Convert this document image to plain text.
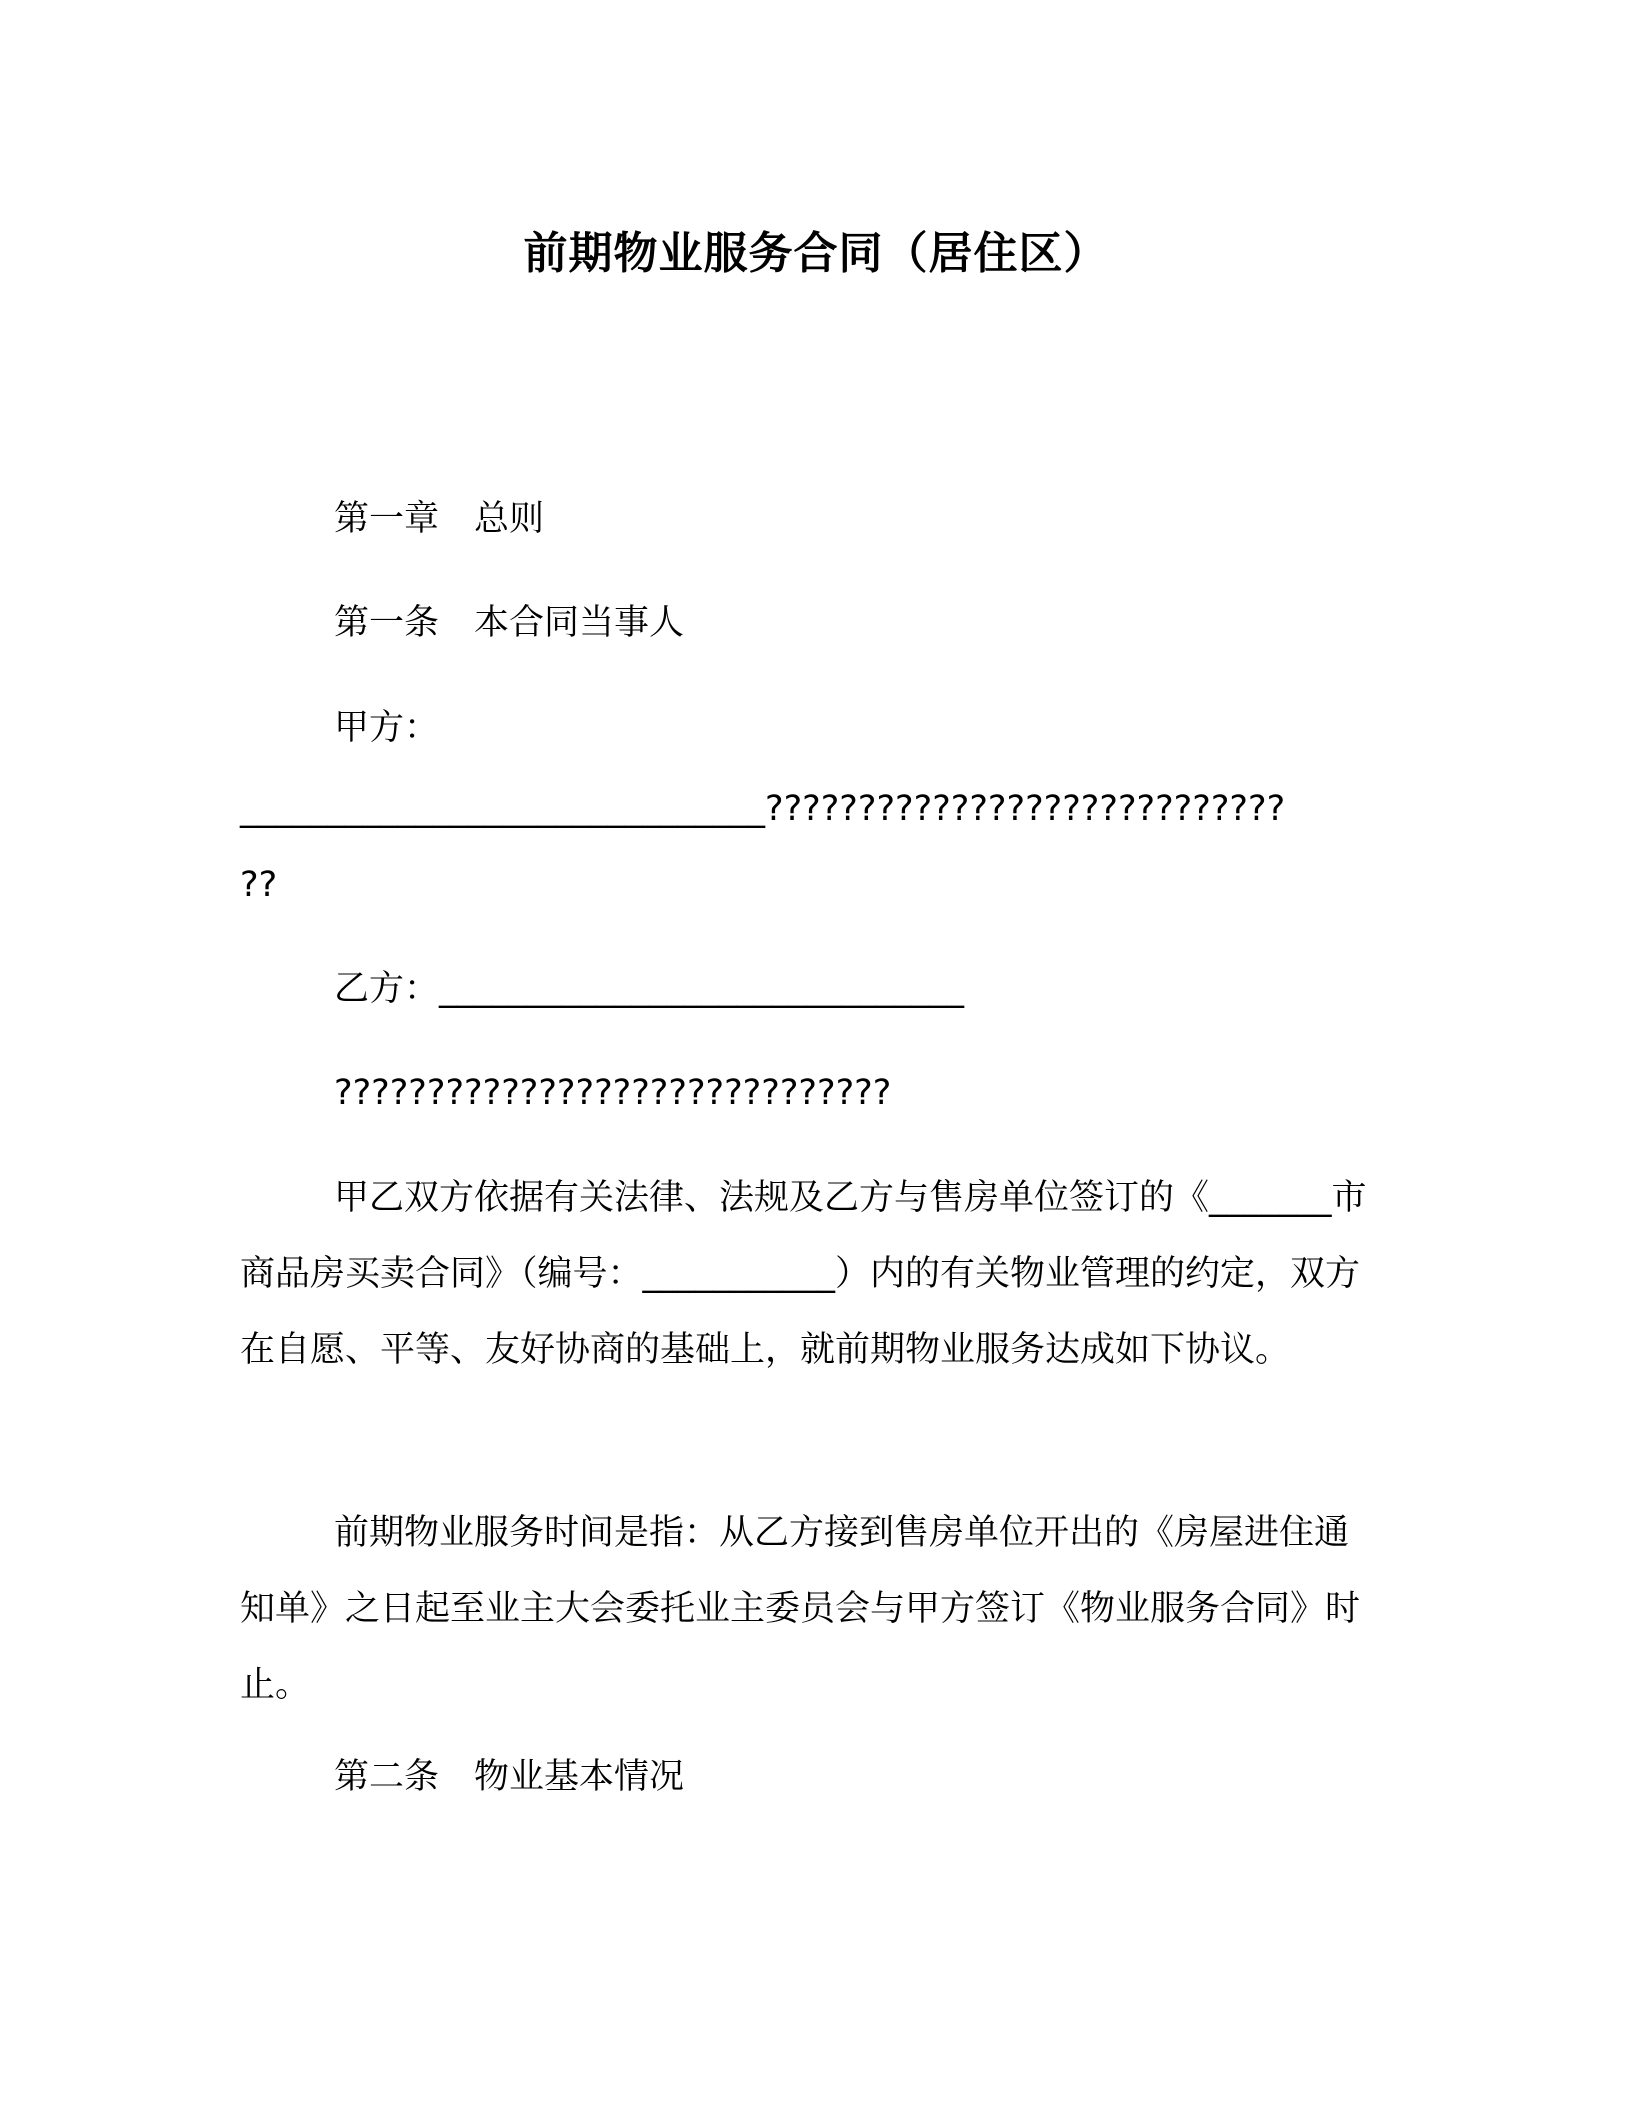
前期物业服务合同（居住区）
第一章　总则
第一条　本合同当事人
甲方：
______________________________????????????????????????????
??
乙方：______________________________
??????????????????????????????
甲乙双方依据有关法律、法规及乙方与售房单位签订的《_______市商品房买卖合同》（编号：___________）内的有关物业管理的约定，双方在自愿、平等、友好协商的基础上，就前期物业服务达成如下协议。
前期物业服务时间是指：从乙方接到售房单位开出的《房屋进住通知单》之日起至业主大会委托业主委员会与甲方签订《物业服务合同》时止。
第二条　物业基本情况
